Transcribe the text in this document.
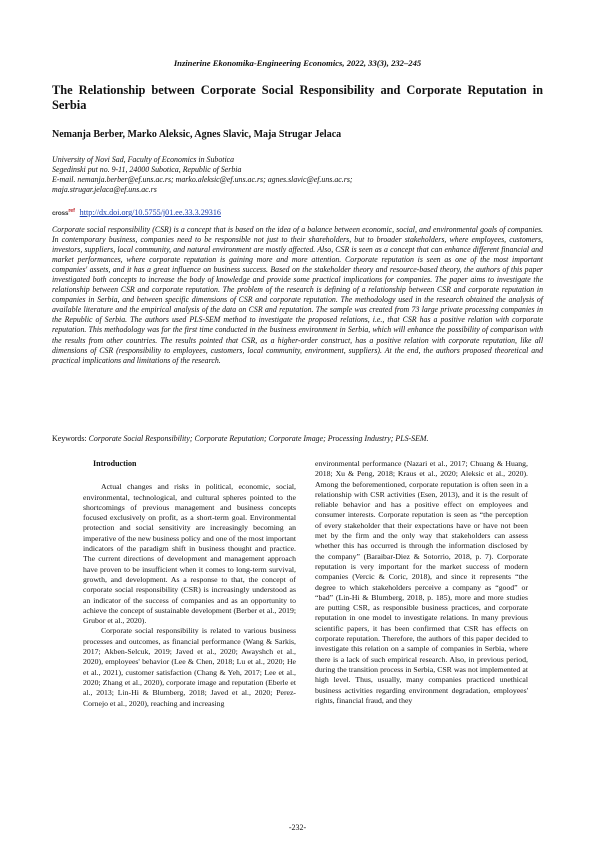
Inzinerine Ekonomika-Engineering Economics, 2022, 33(3), 232–245
The Relationship between Corporate Social Responsibility and Corporate Reputation in Serbia
Nemanja Berber, Marko Aleksic, Agnes Slavic, Maja Strugar Jelaca
University of Novi Sad, Faculty of Economics in Subotica
Segedinski put no. 9-11, 24000 Subotica, Republic of Serbia
E-mail. nemanja.berber@ef.uns.ac.rs; marko.aleksic@ef.uns.ac.rs; agnes.slavic@ef.uns.ac.rs;
maja.strugar.jelaca@ef.uns.ac.rs
cross$^{ref}$ http://dx.doi.org/10.5755/j01.ee.33.3.29316
Corporate social responsibility (CSR) is a concept that is based on the idea of a balance between economic, social, and environmental goals of companies. In contemporary business, companies need to be responsible not just to their shareholders, but to broader stakeholders, where employees, customers, investors, suppliers, local community, and natural environment are mostly affected. Also, CSR is seen as a concept that can enhance different financial and market performances, where corporate reputation is gaining more and more attention. Corporate reputation is seen as one of the most important companies' assets, and it has a great influence on business success. Based on the stakeholder theory and resource-based theory, the authors of this paper investigated both concepts to increase the body of knowledge and provide some practical implications for companies. The paper aims to investigate the relationship between CSR and corporate reputation. The problem of the research is defining of a relationship between CSR and corporate reputation in companies in Serbia, and between specific dimensions of CSR and corporate reputation. The methodology used in the research obtained the analysis of available literature and the empirical analysis of the data on CSR and reputation. The sample was created from 73 large private processing companies in the Republic of Serbia. The authors used PLS-SEM method to investigate the proposed relations, i.e., that CSR has a positive relation with corporate reputation. This methodology was for the first time conducted in the business environment in Serbia, which will enhance the possibility of comparison with the results from other countries. The results pointed that CSR, as a higher-order construct, has a positive relation with corporate reputation, like all dimensions of CSR (responsibility to employees, customers, local community, environment, suppliers). At the end, the authors proposed theoretical and practical implications and limitations of the research.
Keywords: Corporate Social Responsibility; Corporate Reputation; Corporate Image; Processing Industry; PLS-SEM.
Introduction

Actual changes and risks in political, economic, social, environmental, technological, and cultural spheres pointed to the shortcomings of previous management and business concepts focused exclusively on profit, as a short-term goal. Environmental protection and social sensitivity are increasingly becoming an imperative of the new business policy and one of the most important indicators of the paradigm shift in business thought and practice. The current directions of development and management approach have proven to be insufficient when it comes to long-term survival, growth, and development. As a response to that, the concept of corporate social responsibility (CSR) is increasingly understood as an indicator of the success of companies and as an opportunity to achieve the concept of sustainable development (Berber et al., 2019; Grubor et al., 2020).

Corporate social responsibility is related to various business processes and outcomes, as financial performance (Wang & Sarkis, 2017; Akben-Selcuk, 2019; Javed et al., 2020; Awayshch et al., 2020), employees' behavior (Lee & Chen, 2018; Lu et al., 2020; He et al., 2021), customer satisfaction (Chang & Yeh, 2017; Lee et al., 2020; Zhang et al., 2020), corporate image and reputation (Eberle et al., 2013; Lin-Hi & Blumberg, 2018; Javed et al., 2020; Perez-Cornejo et al., 2020), reaching and increasing

environmental performance (Nazari et al., 2017; Chuang & Huang, 2018; Xu & Peng, 2018; Kraus et al., 2020; Aleksic et al., 2020). Among the beforementioned, corporate reputation is often seen in a relationship with CSR activities (Esen, 2013), and it is the result of reliable behavior and has a positive effect on employees and consumer interests. Corporate reputation is seen as “the perception of every stakeholder that their expectations have or have not been met by the firm and the only way that stakeholders can assess whether this has occurred is through the information disclosed by the company” (Baraibar-Diez & Sotorrio, 2018, p. 7). Corporate reputation is very important for the market success of modern companies (Vercic & Coric, 2018), and since it represents “the degree to which stakeholders perceive a company as “good” or “bad” (Lin-Hi & Blumberg, 2018, p. 185), more and more studies are putting CSR, as responsible business practices, and corporate reputation in one model to investigate relations. In many previous scientific papers, it has been confirmed that CSR has effects on corporate reputation. Therefore, the authors of this paper decided to investigate this relation on a sample of companies in Serbia, where there is a lack of such empirical research. Also, in previous period, during the transition process in Serbia, CSR was not implemented at high level. Thus, usually, many companies practiced unethical business activities regarding environment degradation, employees' rights, financial fraud, and they

-232-
